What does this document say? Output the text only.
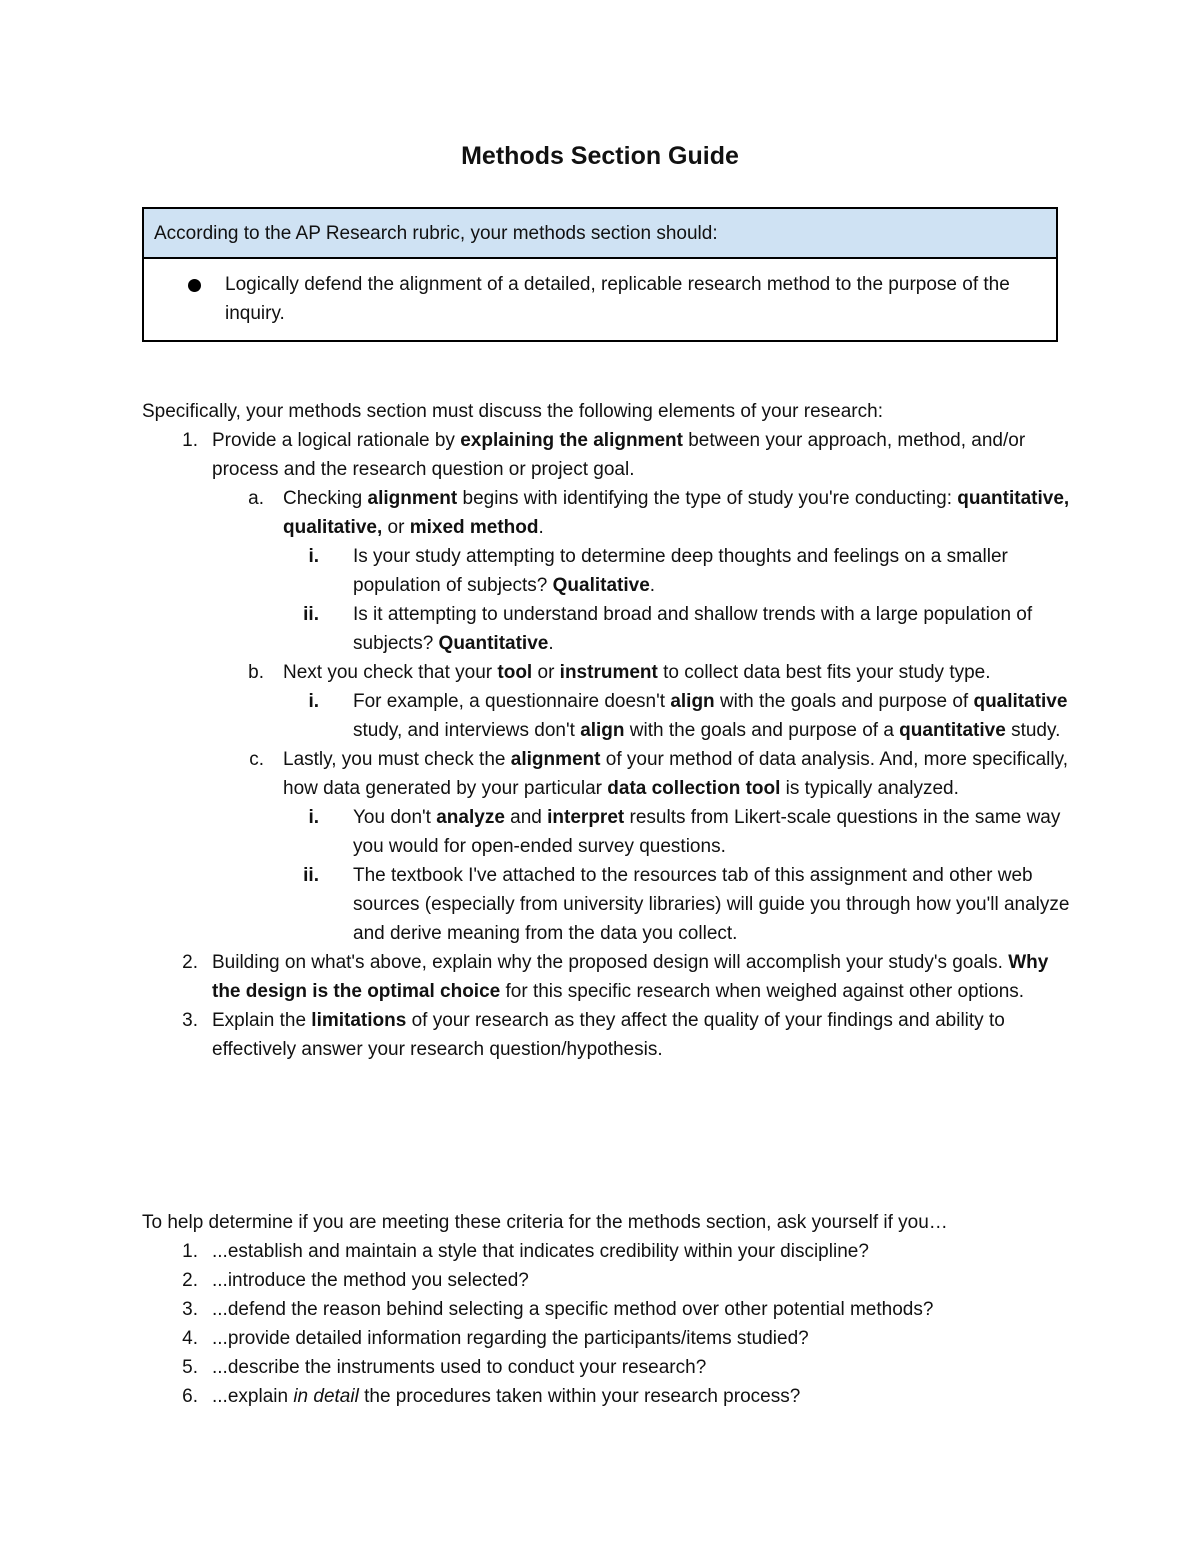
Methods Section Guide
According to the AP Research rubric, your methods section should:
Logically defend the alignment of a detailed, replicable research method to the purpose of the inquiry.

Specifically, your methods section must discuss the following elements of your research:

1. Provide a logical rationale by explaining the alignment between your approach, method, and/or process and the research question or project goal.
a. Checking alignment begins with identifying the type of study you're conducting: quantitative, qualitative, or mixed method.
i. Is your study attempting to determine deep thoughts and feelings on a smaller population of subjects? Qualitative.
ii. Is it attempting to understand broad and shallow trends with a large population of subjects? Quantitative.
b. Next you check that your tool or instrument to collect data best fits your study type.
i. For example, a questionnaire doesn't align with the goals and purpose of qualitative study, and interviews don't align with the goals and purpose of a quantitative study.
c. Lastly, you must check the alignment of your method of data analysis. And, more specifically, how data generated by your particular data collection tool is typically analyzed.
i. You don't analyze and interpret results from Likert-scale questions in the same way you would for open-ended survey questions.
ii. The textbook I've attached to the resources tab of this assignment and other web sources (especially from university libraries) will guide you through how you'll analyze and derive meaning from the data you collect.
2. Building on what's above, explain why the proposed design will accomplish your study's goals. Why the design is the optimal choice for this specific research when weighed against other options.
3. Explain the limitations of your research as they affect the quality of your findings and ability to effectively answer your research question/hypothesis.

To help determine if you are meeting these criteria for the methods section, ask yourself if you…

1. ...establish and maintain a style that indicates credibility within your discipline?
2. ...introduce the method you selected?
3. ...defend the reason behind selecting a specific method over other potential methods?
4. ...provide detailed information regarding the participants/items studied?
5. ...describe the instruments used to conduct your research?
6. ...explain in detail the procedures taken within your research process?
